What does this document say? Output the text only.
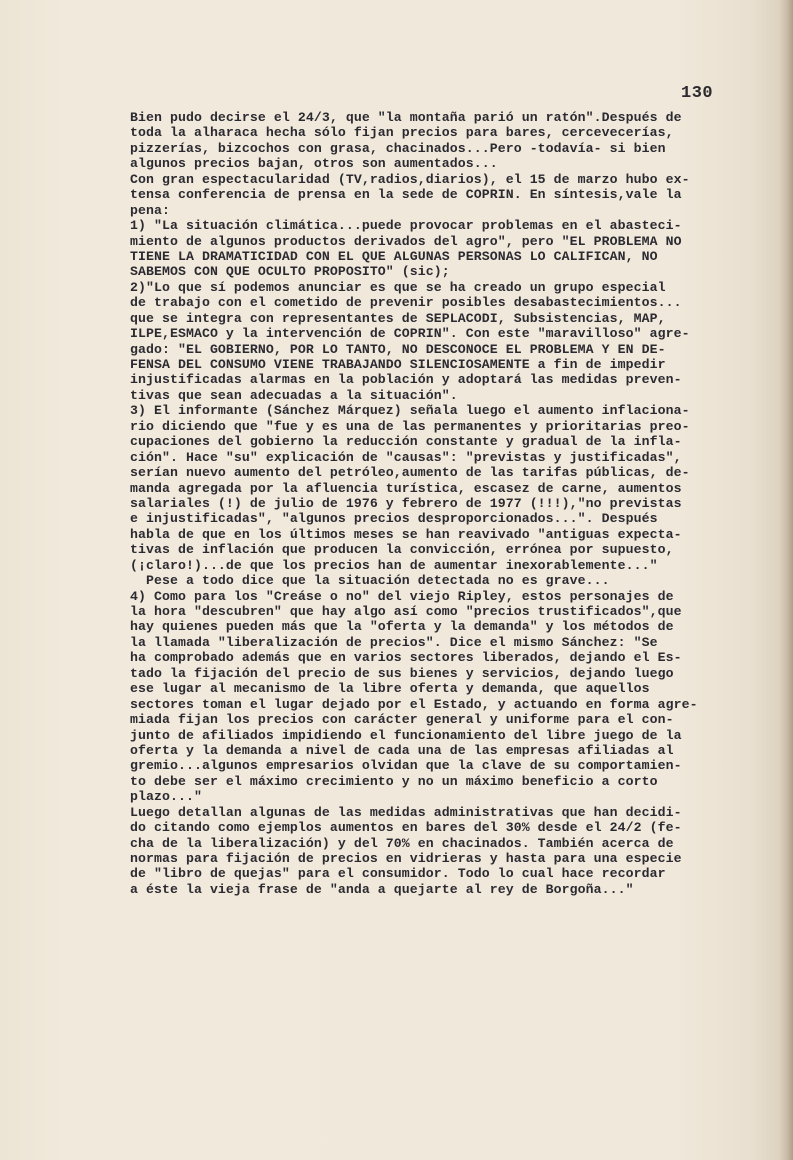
130
Bien pudo decirse el 24/3, que "la montaña parió un ratón".Después de
toda la alharaca hecha sólo fijan precios para bares, cercevecerías,
pizzerías, bizcochos con grasa, chacinados...Pero -todavía- si bien
algunos precios bajan, otros son aumentados...
Con gran espectacularidad (TV,radios,diarios), el 15 de marzo hubo ex-
tensa conferencia de prensa en la sede de COPRIN. En síntesis,vale la
pena:
1) "La situación climática...puede provocar problemas en el abasteci-
miento de algunos productos derivados del agro", pero "EL PROBLEMA NO
TIENE LA DRAMATICIDAD CON EL QUE ALGUNAS PERSONAS LO CALIFICAN, NO
SABEMOS CON QUE OCULTO PROPOSITO" (sic);
2)"Lo que sí podemos anunciar es que se ha creado un grupo especial
de trabajo con el cometido de prevenir posibles desabastecimientos...
que se integra con representantes de SEPLACODI, Subsistencias, MAP,
ILPE,ESMACO y la intervención de COPRIN". Con este "maravilloso" agre-
gado: "EL GOBIERNO, POR LO TANTO, NO DESCONOCE EL PROBLEMA Y EN DE-
FENSA DEL CONSUMO VIENE TRABAJANDO SILENCIOSAMENTE a fin de impedir
injustificadas alarmas en la población y adoptará las medidas preven-
tivas que sean adecuadas a la situación".
3) El informante (Sánchez Márquez) señala luego el aumento inflaciona-
rio diciendo que "fue y es una de las permanentes y prioritarias preo-
cupaciones del gobierno la reducción constante y gradual de la infla-
ción". Hace "su" explicación de "causas": "previstas y justificadas",
serían nuevo aumento del petróleo,aumento de las tarifas públicas, de-
manda agregada por la afluencia turística, escasez de carne, aumentos
salariales (!) de julio de 1976 y febrero de 1977 (!!!),"no previstas
e injustificadas", "algunos precios desproporcionados...". Después
habla de que en los últimos meses se han reavivado "antiguas expecta-
tivas de inflación que producen la convicción, errónea por supuesto,
(¡claro!)...de que los precios han de aumentar inexorablemente..."
Pese a todo dice que la situación detectada no es grave...
4) Como para los "Creáse o no" del viejo Ripley, estos personajes de
la hora "descubren" que hay algo así como "precios trustificados",que
hay quienes pueden más que la "oferta y la demanda" y los métodos de
la llamada "liberalización de precios". Dice el mismo Sánchez: "Se
ha comprobado además que en varios sectores liberados, dejando el Es-
tado la fijación del precio de sus bienes y servicios, dejando luego
ese lugar al mecanismo de la libre oferta y demanda, que aquellos
sectores toman el lugar dejado por el Estado, y actuando en forma agre-
miada fijan los precios con carácter general y uniforme para el con-
junto de afiliados impidiendo el funcionamiento del libre juego de la
oferta y la demanda a nivel de cada una de las empresas afiliadas al
gremio...algunos empresarios olvidan que la clave de su comportamien-
to debe ser el máximo crecimiento y no un máximo beneficio a corto
plazo..."
Luego detallan algunas de las medidas administrativas que han decidi-
do citando como ejemplos aumentos en bares del 30% desde el 24/2 (fe-
cha de la liberalización) y del 70% en chacinados. También acerca de
normas para fijación de precios en vidrieras y hasta para una especie
de "libro de quejas" para el consumidor. Todo lo cual hace recordar
a éste la vieja frase de "anda a quejarte al rey de Borgoña..."
